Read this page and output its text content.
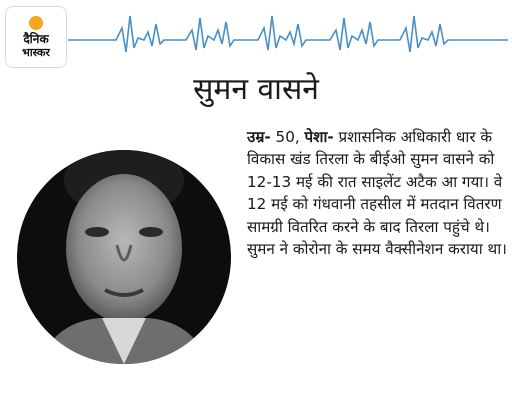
दैनिक
भास्कर
सुमन वासने
उम्र- 50, पेशा- प्रशासनिक अधिकारी धार के विकास खंड तिरला के बीईओ सुमन वासने को 12-13 मई की रात साइलेंट अटैक आ गया। वे 12 मई को गंधवानी तहसील में मतदान वितरण सामग्री वितरित करने के बाद तिरला पहुंचे थे। सुमन ने कोरोना के समय वैक्सीनेशन कराया था।
